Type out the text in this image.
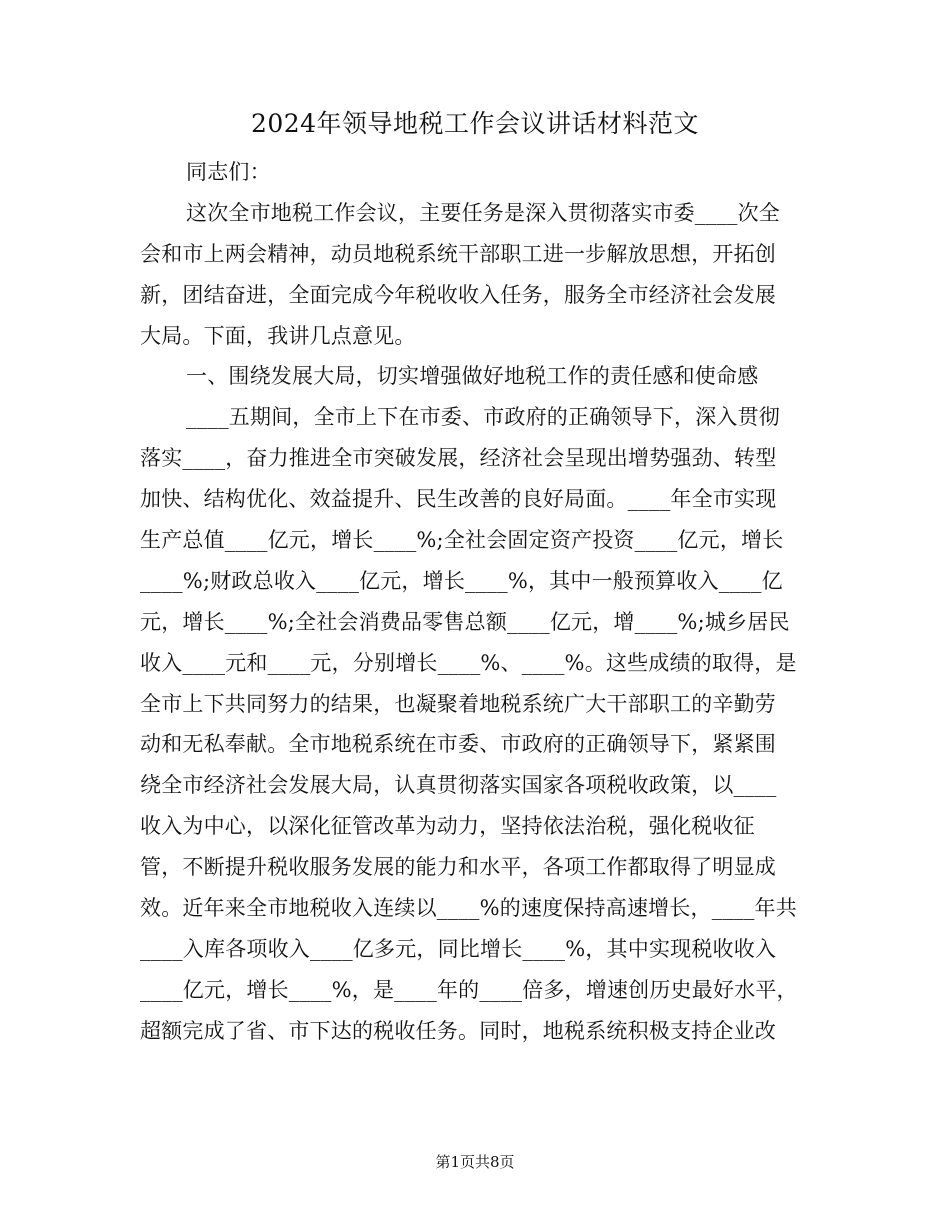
2024年领导地税工作会议讲话材料范文
同志们：
这次全市地税工作会议，主要任务是深入贯彻落实市委____次全
会和市上两会精神，动员地税系统干部职工进一步解放思想，开拓创
新，团结奋进，全面完成今年税收收入任务，服务全市经济社会发展
大局。下面，我讲几点意见。
一、围绕发展大局，切实增强做好地税工作的责任感和使命感
____五期间，全市上下在市委、市政府的正确领导下，深入贯彻
落实____，奋力推进全市突破发展，经济社会呈现出增势强劲、转型
加快、结构优化、效益提升、民生改善的良好局面。____年全市实现
生产总值____亿元，增长____%;全社会固定资产投资____亿元，增长
____%;财政总收入____亿元，增长____%，其中一般预算收入____亿
元，增长____%;全社会消费品零售总额____亿元，增____%;城乡居民
收入____元和____元，分别增长____%、____%。这些成绩的取得，是
全市上下共同努力的结果，也凝聚着地税系统广大干部职工的辛勤劳
动和无私奉献。全市地税系统在市委、市政府的正确领导下，紧紧围
绕全市经济社会发展大局，认真贯彻落实国家各项税收政策，以____
收入为中心，以深化征管改革为动力，坚持依法治税，强化税收征
管，不断提升税收服务发展的能力和水平，各项工作都取得了明显成
效。近年来全市地税收入连续以____%的速度保持高速增长，____年共
____入库各项收入____亿多元，同比增长____%，其中实现税收收入
____亿元，增长____%，是____年的____倍多，增速创历史最好水平，
超额完成了省、市下达的税收任务。同时，地税系统积极支持企业改
第1页共8页
